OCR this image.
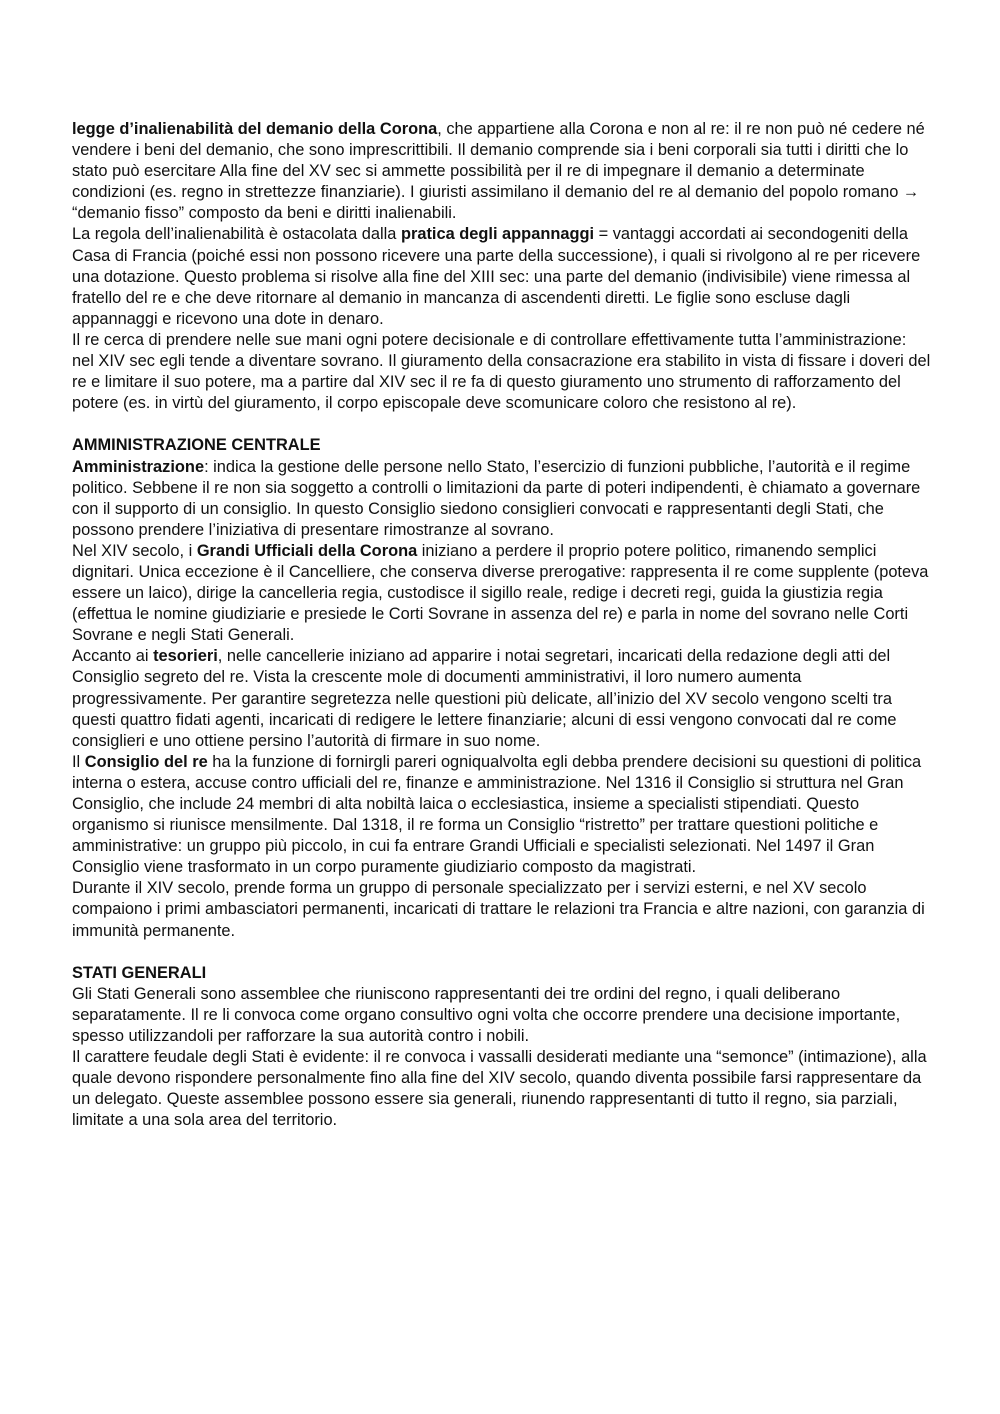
legge d’inalienabilità del demanio della Corona, che appartiene alla Corona e non al re: il re non può né cedere né vendere i beni del demanio, che sono imprescrittibili. Il demanio comprende sia i beni corporali sia tutti i diritti che lo stato può esercitare Alla fine del XV sec si ammette possibilità per il re di impegnare il demanio a determinate condizioni (es. regno in strettezze finanziarie). I giuristi assimilano il demanio del re al demanio del popolo romano → “demanio fisso” composto da beni e diritti inalienabili.

La regola dell’inalienabilità è ostacolata dalla pratica degli appannaggi = vantaggi accordati ai secondogeniti della Casa di Francia (poiché essi non possono ricevere una parte della successione), i quali si rivolgono al re per ricevere una dotazione. Questo problema si risolve alla fine del XIII sec: una parte del demanio (indivisibile) viene rimessa al fratello del re e che deve ritornare al demanio in mancanza di ascendenti diretti. Le figlie sono escluse dagli appannaggi e ricevono una dote in denaro.

Il re cerca di prendere nelle sue mani ogni potere decisionale e di controllare effettivamente tutta l’amministrazione: nel XIV sec egli tende a diventare sovrano. Il giuramento della consacrazione era stabilito in vista di fissare i doveri del re e limitare il suo potere, ma a partire dal XIV sec il re fa di questo giuramento uno strumento di rafforzamento del potere (es. in virtù del giuramento, il corpo episcopale deve scomunicare coloro che resistono al re).

AMMINISTRAZIONE CENTRALE

Amministrazione: indica la gestione delle persone nello Stato, l’esercizio di funzioni pubbliche, l’autorità e il regime politico. Sebbene il re non sia soggetto a controlli o limitazioni da parte di poteri indipendenti, è chiamato a governare con il supporto di un consiglio. In questo Consiglio siedono consiglieri convocati e rappresentanti degli Stati, che possono prendere l’iniziativa di presentare rimostranze al sovrano.

Nel XIV secolo, i Grandi Ufficiali della Corona iniziano a perdere il proprio potere politico, rimanendo semplici dignitari. Unica eccezione è il Cancelliere, che conserva diverse prerogative: rappresenta il re come supplente (poteva essere un laico), dirige la cancelleria regia, custodisce il sigillo reale, redige i decreti regi, guida la giustizia regia (effettua le nomine giudiziarie e presiede le Corti Sovrane in assenza del re) e parla in nome del sovrano nelle Corti Sovrane e negli Stati Generali.

Accanto ai tesorieri, nelle cancellerie iniziano ad apparire i notai segretari, incaricati della redazione degli atti del Consiglio segreto del re. Vista la crescente mole di documenti amministrativi, il loro numero aumenta progressivamente. Per garantire segretezza nelle questioni più delicate, all’inizio del XV secolo vengono scelti tra questi quattro fidati agenti, incaricati di redigere le lettere finanziarie; alcuni di essi vengono convocati dal re come consiglieri e uno ottiene persino l’autorità di firmare in suo nome.

Il Consiglio del re ha la funzione di fornirgli pareri ogniqualvolta egli debba prendere decisioni su questioni di politica interna o estera, accuse contro ufficiali del re, finanze e amministrazione. Nel 1316 il Consiglio si struttura nel Gran Consiglio, che include 24 membri di alta nobiltà laica o ecclesiastica, insieme a specialisti stipendiati. Questo organismo si riunisce mensilmente. Dal 1318, il re forma un Consiglio “ristretto” per trattare questioni politiche e amministrative: un gruppo più piccolo, in cui fa entrare Grandi Ufficiali e specialisti selezionati. Nel 1497 il Gran Consiglio viene trasformato in un corpo puramente giudiziario composto da magistrati.

Durante il XIV secolo, prende forma un gruppo di personale specializzato per i servizi esterni, e nel XV secolo compaiono i primi ambasciatori permanenti, incaricati di trattare le relazioni tra Francia e altre nazioni, con garanzia di immunità permanente.

STATI GENERALI

Gli Stati Generali sono assemblee che riuniscono rappresentanti dei tre ordini del regno, i quali deliberano separatamente. Il re li convoca come organo consultivo ogni volta che occorre prendere una decisione importante, spesso utilizzandoli per rafforzare la sua autorità contro i nobili.

Il carattere feudale degli Stati è evidente: il re convoca i vassalli desiderati mediante una “semonce” (intimazione), alla quale devono rispondere personalmente fino alla fine del XIV secolo, quando diventa possibile farsi rappresentare da un delegato. Queste assemblee possono essere sia generali, riunendo rappresentanti di tutto il regno, sia parziali, limitate a una sola area del territorio.
